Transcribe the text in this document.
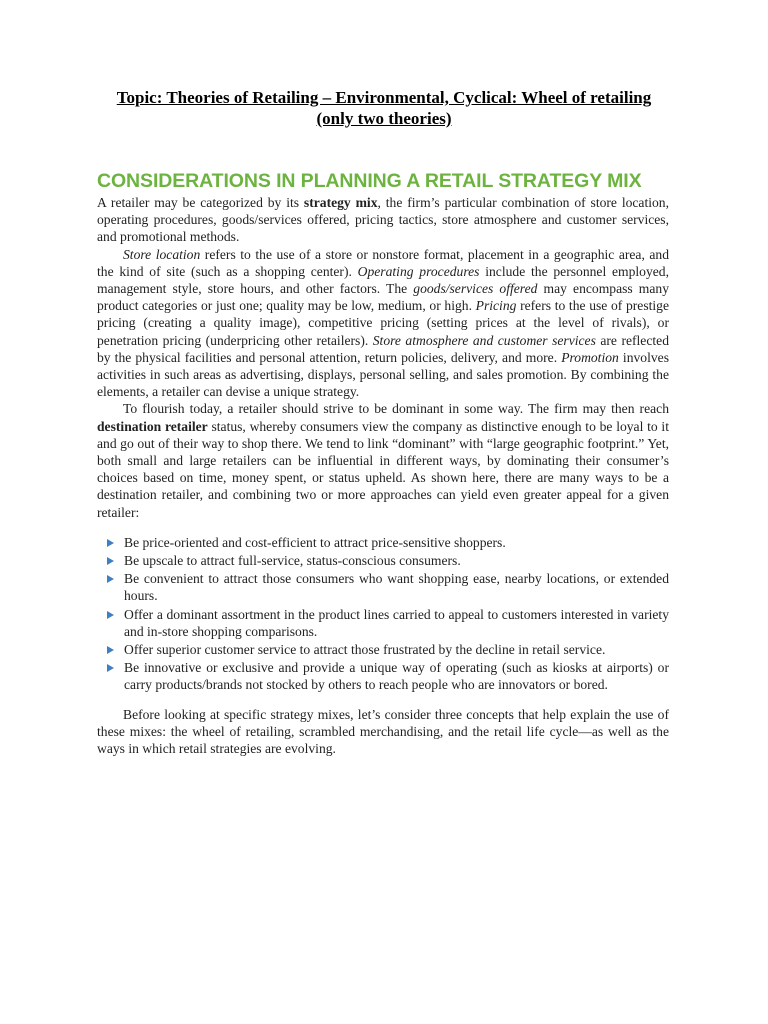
Topic: Theories of Retailing – Environmental, Cyclical: Wheel of retailing
(only two theories)
CONSIDERATIONS IN PLANNING A RETAIL STRATEGY MIX

A retailer may be categorized by its strategy mix, the firm’s particular combination of store location, operating procedures, goods/services offered, pricing tactics, store atmosphere and customer services, and promotional methods.

Store location refers to the use of a store or nonstore format, placement in a geographic area, and the kind of site (such as a shopping center). Operating procedures include the personnel employed, management style, store hours, and other factors. The goods/services offered may encompass many product categories or just one; quality may be low, medium, or high. Pricing refers to the use of prestige pricing (creating a quality image), competitive pricing (setting prices at the level of rivals), or penetration pricing (underpricing other retailers). Store atmosphere and customer services are reflected by the physical facilities and personal attention, return policies, delivery, and more. Promotion involves activities in such areas as advertising, displays, personal selling, and sales promotion. By combining the elements, a retailer can devise a unique strategy.

To flourish today, a retailer should strive to be dominant in some way. The firm may then reach destination retailer status, whereby consumers view the company as distinctive enough to be loyal to it and go out of their way to shop there. We tend to link “dominant” with “large geographic footprint.” Yet, both small and large retailers can be influential in different ways, by dominating their consumer’s choices based on time, money spent, or status upheld. As shown here, there are many ways to be a destination retailer, and combining two or more approaches can yield even greater appeal for a given retailer:

Be price-oriented and cost-efficient to attract price-sensitive shoppers.
Be upscale to attract full-service, status-conscious consumers.
Be convenient to attract those consumers who want shopping ease, nearby locations, or extended hours.
Offer a dominant assortment in the product lines carried to appeal to customers interested in variety and in-store shopping comparisons.
Offer superior customer service to attract those frustrated by the decline in retail service.
Be innovative or exclusive and provide a unique way of operating (such as kiosks at airports) or carry products/brands not stocked by others to reach people who are innovators or bored.

Before looking at specific strategy mixes, let’s consider three concepts that help explain the use of these mixes: the wheel of retailing, scrambled merchandising, and the retail life cycle—as well as the ways in which retail strategies are evolving.
